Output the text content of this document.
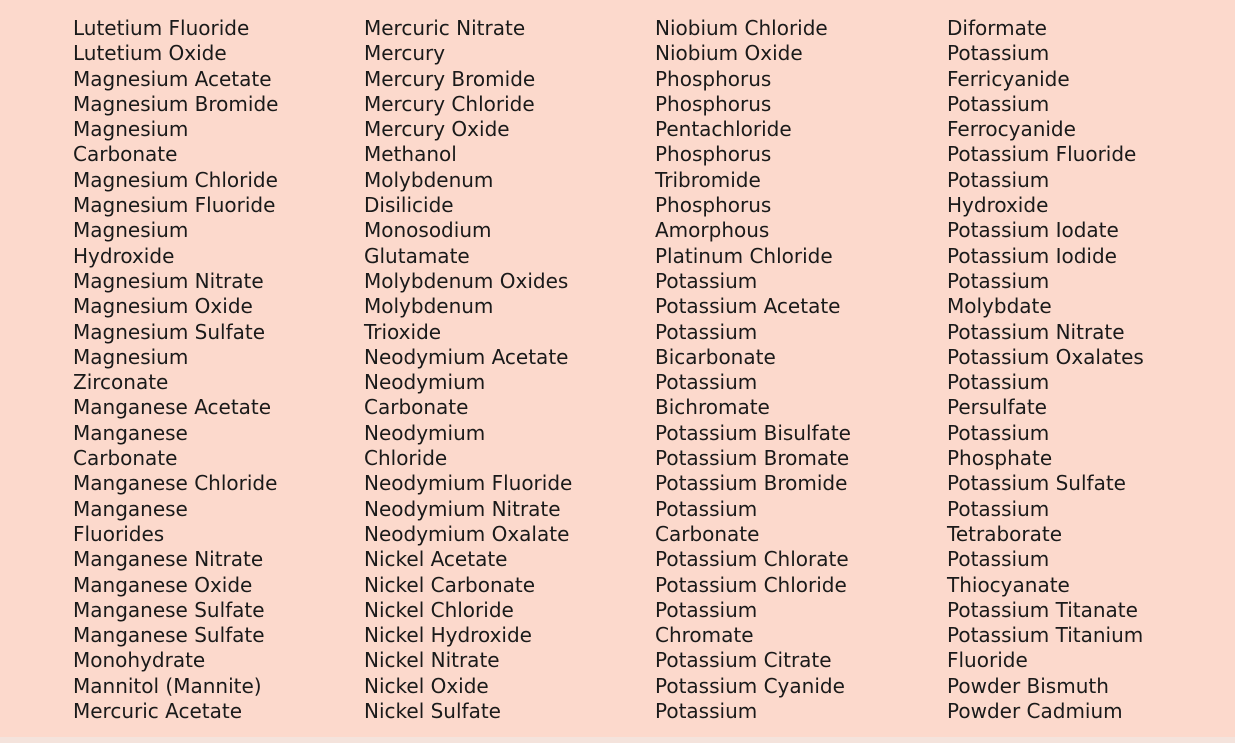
Lutetium Fluoride
Lutetium Oxide
Magnesium Acetate
Magnesium Bromide
Magnesium
Carbonate
Magnesium Chloride
Magnesium Fluoride
Magnesium
Hydroxide
Magnesium Nitrate
Magnesium Oxide
Magnesium Sulfate
Magnesium
Zirconate
Manganese Acetate
Manganese
Carbonate
Manganese Chloride
Manganese
Fluorides
Manganese Nitrate
Manganese Oxide
Manganese Sulfate
Manganese Sulfate
Monohydrate
Mannitol (Mannite)
Mercuric Acetate
Mercuric Nitrate
Mercury
Mercury Bromide
Mercury Chloride
Mercury Oxide
Methanol
Molybdenum
Disilicide
Monosodium
Glutamate
Molybdenum Oxides
Molybdenum
Trioxide
Neodymium Acetate
Neodymium
Carbonate
Neodymium
Chloride
Neodymium Fluoride
Neodymium Nitrate
Neodymium Oxalate
Nickel Acetate
Nickel Carbonate
Nickel Chloride
Nickel Hydroxide
Nickel Nitrate
Nickel Oxide
Nickel Sulfate
Niobium Chloride
Niobium Oxide
Phosphorus
Phosphorus
Pentachloride
Phosphorus
Tribromide
Phosphorus
Amorphous
Platinum Chloride
Potassium
Potassium Acetate
Potassium
Bicarbonate
Potassium
Bichromate
Potassium Bisulfate
Potassium Bromate
Potassium Bromide
Potassium
Carbonate
Potassium Chlorate
Potassium Chloride
Potassium
Chromate
Potassium Citrate
Potassium Cyanide
Potassium
Diformate
Potassium
Ferricyanide
Potassium
Ferrocyanide
Potassium Fluoride
Potassium
Hydroxide
Potassium Iodate
Potassium Iodide
Potassium
Molybdate
Potassium Nitrate
Potassium Oxalates
Potassium
Persulfate
Potassium
Phosphate
Potassium Sulfate
Potassium
Tetraborate
Potassium
Thiocyanate
Potassium Titanate
Potassium Titanium
Fluoride
Powder Bismuth
Powder Cadmium
